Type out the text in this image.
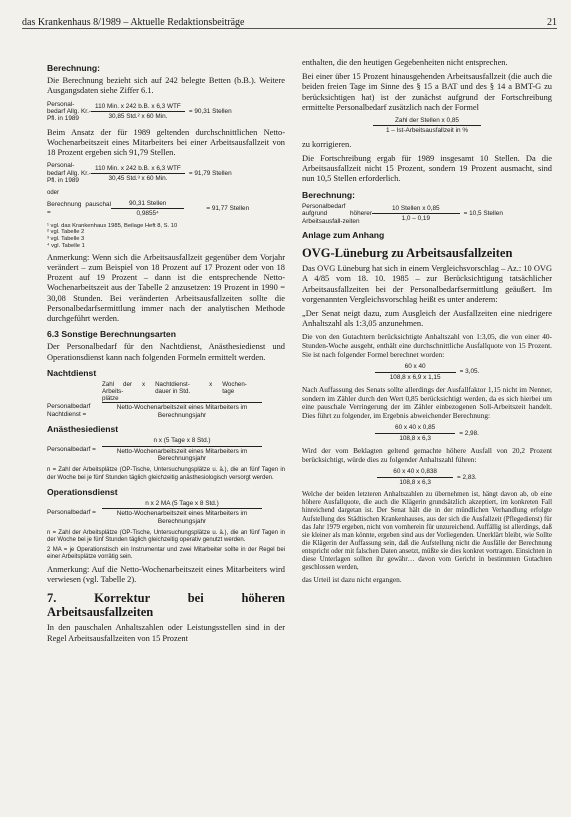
das Krankenhaus 8/1989 – Aktuelle Redaktionsbeiträge	21
Berechnung:

Die Berechnung bezieht sich auf 242 belegte Betten (b.B.). Weitere Ausgangsdaten siehe Ziffer 6.1.

Personal-bedarf Allg. Kr.-Pfl. in 1989	$\frac{\text{110 Min. x 242 b.B. x 6,3 WTF}}{\text{30,85 Std.² x 60 Min.}} = 90,31$ Stellen

Beim Ansatz der für 1989 geltenden durchschnittlichen Netto-Wochenarbeitszeit eines Mitarbeiters bei einer Arbeitsausfallzeit von 18 Prozent ergeben sich 91,79 Stellen.

Personal-bedarf Allg. Kr.-Pfl. in 1989	$\frac{\text{110 Min. x 242 b.B. x 6,3 WTF}}{\text{30,45 Std.³ x 60 Min.}} = 91,79$ Stellen
oder
Berechnung pauschal =	$\frac{\text{90,31 Stellen}}{\text{0,9855⁴}}$	= 91,77 Stellen
¹ vgl. das Krankenhaus 1985, Beilage Heft 8, S. 10
² vgl. Tabelle 2
³ vgl. Tabelle 3
⁴ vgl. Tabelle 1

Anmerkung: Wenn sich die Arbeitsausfallzeit gegenüber dem Vorjahr verändert – zum Beispiel von 18 Prozent auf 17 Prozent oder von 18 Prozent auf 19 Prozent – dann ist die entsprechende Netto-Wochenarbeitszeit aus der Tabelle 2 anzusetzen: 19 Prozent in 1990 = 30,08 Stunden. Bei veränderten Arbeitsausfallzeiten sollte die Personalbedarfsermittlung immer nach der analytischen Methode durchgeführt werden.

6.3 Sonstige Berechnungsarten

Der Personalbedarf für den Nachtdienst, Anästhesiedienst und Operationsdienst kann nach folgenden Formeln ermittelt werden.

Nachtdienst
Zahl der Arbeits-plätze
x Nachtdienst-dauer in Std.
x Wochen-tage
Personalbedarf Nachtdienst =
Netto-Wochenarbeitszeit eines Mitarbeiters im Berechnungsjahr
Anästhesiedienst
Personalbedarf =
n x (5 Tage x 8 Std.)
Netto-Wochenarbeitszeit eines Mitarbeiters im Berechnungsjahr
n = Zahl der Arbeitsplätze (OP-Tische, Untersuchungsplätze u. ä.), die an fünf Tagen in der Woche bei je fünf Stunden täglich gleichzeitig anästhesiologisch versorgt werden.
Operationsdienst
Personalbedarf =
n x 2 MA (5 Tage x 8 Std.)
Netto-Wochenarbeitszeit eines Mitarbeiters im Berechnungsjahr
n = Zahl der Arbeitsplätze (OP-Tische, Untersuchungsplätze u. ä.), die an fünf Tagen in der Woche bei je fünf Stunden täglich gleichzeitig operativ genutzt werden.
2 MA = je Operationstisch ein Instrumentar und zwei Mitarbeiter sollte in der Regel bei einer Arbeitsplätze vorrätig sein.

Anmerkung: Auf die Netto-Wochenarbeitszeit eines Mitarbeiters wird verwiesen (vgl. Tabelle 2).

7. Korrektur bei höheren Arbeitsausfallzeiten

In den pauschalen Anhaltszahlen oder Leistungsstellen sind in der Regel Arbeitsausfallzeiten von 15 Prozent

enthalten, die den heutigen Gegebenheiten nicht entsprechen.

Bei einer über 15 Prozent hinausgehenden Arbeitsausfallzeit (die auch die beiden freien Tage im Sinne des § 15 a BAT und des § 14 a BMT-G zu berücksichtigen hat) ist der zunächst aufgrund der Fortschreibung ermittelte Personalbedarf zusätzlich nach der Formel

$\frac{\text{Zahl der Stellen x 0,85}}{\text{1 – Ist-Arbeitsausfallzeit in \%}}$

zu korrigieren.

Die Fortschreibung ergab für 1989 insgesamt 10 Stellen. Da die Arbeitsausfallzeit nicht 15 Prozent, sondern 19 Prozent ausmacht, sind nun 10,5 Stellen erforderlich.

Berechnung:
Personalbedarf aufgrund höherer Arbeitsausfall-zeiten	$\frac{\text{10 Stellen x 0,85}}{1,0 - 0,19} = 10,5$ Stellen
Anlage zum Anhang
OVG-Lüneburg zu Arbeitsausfallzeiten

Das OVG Lüneburg hat sich in einem Vergleichsvorschlag – Az.: 10 OVG A 4/85 vom 18. 10. 1985 – zur Berücksichtigung tatsächlicher Arbeitsausfallzeiten bei der Personalbedarfsermittlung geäußert. Im vorgenannten Vergleichsvorschlag heißt es unter anderem:

„Der Senat neigt dazu, zum Ausgleich der Ausfallzeiten eine niedrigere Anhaltszahl als 1:3,05 anzunehmen.

Die von den Gutachtern berücksichtigte Anhaltszahl von 1:3,05, die von einer 40-Stunden-Woche ausgeht, enthält eine durchschnittliche Ausfallquote von 15 Prozent. Sie ist nach folgender Formel berechnet worden:

$\frac{60 x 40}{108,8 x 6,9 x 1,15} = 3,05$.

Nach Auffassung des Senats sollte allerdings der Ausfallfaktor 1,15 nicht im Nenner, sondern im Zähler durch den Wert 0,85 berücksichtigt werden, da es sich hierbei um eine pauschale Verringerung der im Zähler einbezogenen Soll-Arbeitszeit handelt. Dies führt zu folgender, im Ergebnis abweichender Berechnung:

$\frac{60 x 40 x 0,85}{108,8 x 6,3} = 2,98$.

Wird der vom Beklagten geltend gemachte höhere Ausfall von 20,2 Prozent berücksichtigt, würde dies zu folgender Anhaltszahl führen:

$\frac{60 x 40 x 0,838}{108,8 x 6,3} = 2,83$.

Welche der beiden letzteren Anhaltszahlen zu übernehmen ist, hängt davon ab, ob eine höhere Ausfallquote, die auch die Klägerin grundsätzlich akzeptiert, im konkreten Fall hinreichend dargetan ist. Der Senat hält die in der mündlichen Verhandlung erfolgte Aufstellung des Städtischen Krankenhauses, aus der sich die Ausfallzeit (Pflegedienst) für das Jahr 1979 ergeben, nicht von vornherein für unzureichend. Auffällig ist allerdings, daß sie kleiner als man könnte, ergeben sind aus der Vorliegenden. Unerklärt bleibt, wie Sollte die Klägerin der Auffassung sein, daß die Aufstellung nicht die Ausfälle der Berechnung entspricht oder mit falschen Daten ansetzt, müßte sie dies konkret vortragen. Einsichten in diese Unterlagen sollten ihr gewähr… davon vom Gericht in bestimmten Gutachten geschlossen werden,

das Urteil ist dazu nicht ergangen.
